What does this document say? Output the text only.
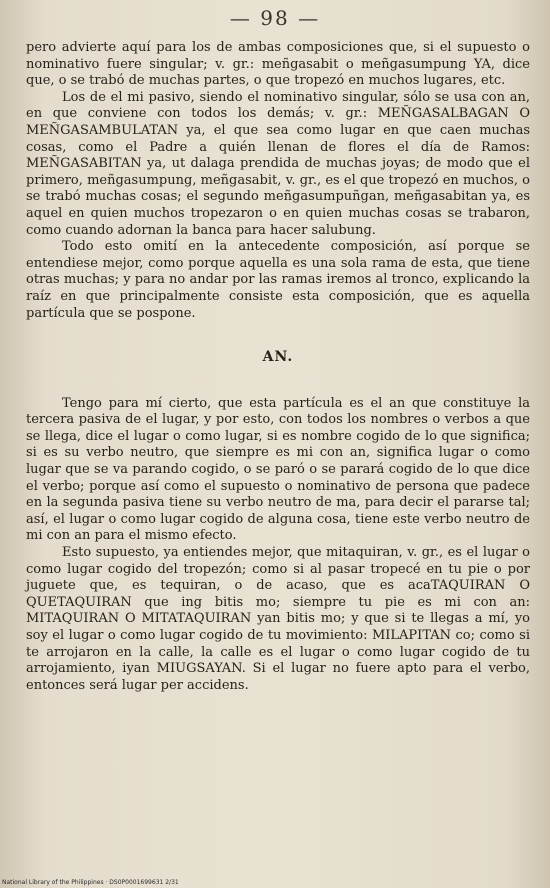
— 98 —

pero advierte aquí para los de ambas composiciones que, si el supuesto o nominativo fuere singular; v. gr.: meñgasabit o meñgasumpung YA, dice que, o se trabó de muchas partes, o que tropezó en muchos lugares, etc.

Los de el mi pasivo, siendo el nominativo singular, sólo se usa con an, en que conviene con todos los demás; v. gr.: MEÑGASALBAGAN O MEÑGASAMBULATAN ya, el que sea como lugar en que caen muchas cosas, como el Padre a quién llenan de flores el día de Ramos: MEÑGASABITAN ya, ut dalaga prendida de muchas joyas; de modo que el primero, meñgasumpung, meñgasabit, v. gr., es el que tropezó en muchos, o se trabó muchas cosas; el segundo meñgasumpuñgan, meñgasabitan ya, es aquel en quien muchos tropezaron o en quien muchas cosas se trabaron, como cuando adornan la banca para hacer salubung.

Todo esto omití en la antecedente composición, así porque se entendiese mejor, como porque aquella es una sola rama de esta, que tiene otras muchas; y para no andar por las ramas iremos al tronco, explicando la raíz en que principalmente consiste esta composición, que es aquella partícula que se pospone.

AN.

Tengo para mí cierto, que esta partícula es el an que constituye la tercera pasiva de el lugar, y por esto, con todos los nombres o verbos a que se llega, dice el lugar o como lugar, si es nombre cogido de lo que significa; si es su verbo neutro, que siempre es mi con an, significa lugar o como lugar que se va parando cogido, o se paró o se parará cogido de lo que dice el verbo; porque así como el supuesto o nominativo de persona que padece en la segunda pasiva tiene su verbo neutro de ma, para decir el pararse tal; así, el lugar o como lugar cogido de alguna cosa, tiene este verbo neutro de mi con an para el mismo efecto.

Esto supuesto, ya entiendes mejor, que mitaquiran, v. gr., es el lugar o como lugar cogido del tropezón; como si al pasar tropecé en tu pie o por juguete que, es tequiran, o de acaso, que es acaTAQUIRAN O QUETAQUIRAN que ing bitis mo; siempre tu pie es mi con an: MITAQUIRAN O MITATAQUIRAN yan bitis mo; y que si te llegas a mí, yo soy el lugar o como lugar cogido de tu movimiento: MILAPITAN co; como si te arrojaron en la calle, la calle es el lugar o como lugar cogido de tu arrojamiento, iyan MIUGSAYAN. Si el lugar no fuere apto para el verbo, entonces será lugar per accidens.

National Library of the Philippines · DS0P0001699631 2/31
